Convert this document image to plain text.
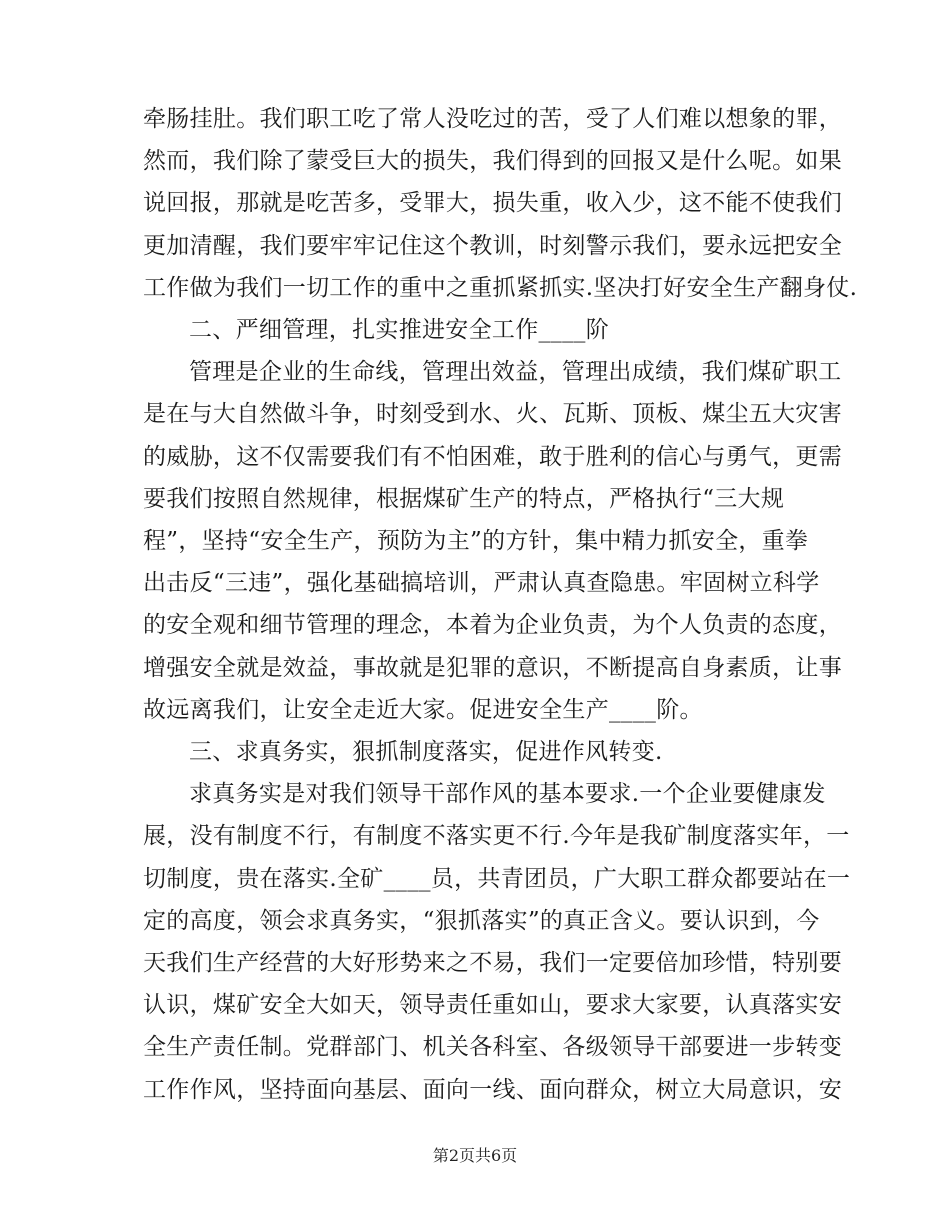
牵肠挂肚。我们职工吃了常人没吃过的苦，受了人们难以想象的罪，
然而，我们除了蒙受巨大的损失，我们得到的回报又是什么呢。如果
说回报，那就是吃苦多，受罪大，损失重，收入少，这不能不使我们
更加清醒，我们要牢牢记住这个教训，时刻警示我们，要永远把安全
工作做为我们一切工作的重中之重抓紧抓实.坚决打好安全生产翻身仗.
二、严细管理，扎实推进安全工作____阶
管理是企业的生命线，管理出效益，管理出成绩，我们煤矿职工
是在与大自然做斗争，时刻受到水、火、瓦斯、顶板、煤尘五大灾害
的威胁，这不仅需要我们有不怕困难，敢于胜利的信心与勇气，更需
要我们按照自然规律，根据煤矿生产的特点，严格执行“三大规
程”，坚持“安全生产，预防为主”的方针，集中精力抓安全，重拳
出击反“三违”，强化基础搞培训，严肃认真查隐患。牢固树立科学
的安全观和细节管理的理念，本着为企业负责，为个人负责的态度，
增强安全就是效益，事故就是犯罪的意识，不断提高自身素质，让事
故远离我们，让安全走近大家。促进安全生产____阶。
三、求真务实，狠抓制度落实，促进作风转变.
求真务实是对我们领导干部作风的基本要求.一个企业要健康发
展，没有制度不行，有制度不落实更不行.今年是我矿制度落实年，一
切制度，贵在落实.全矿____员，共青团员，广大职工群众都要站在一
定的高度，领会求真务实，“狠抓落实”的真正含义。要认识到，今
天我们生产经营的大好形势来之不易，我们一定要倍加珍惜，特别要
认识，煤矿安全大如天，领导责任重如山，要求大家要，认真落实安
全生产责任制。党群部门、机关各科室、各级领导干部要进一步转变
工作作风，坚持面向基层、面向一线、面向群众，树立大局意识，安
第2页共6页
